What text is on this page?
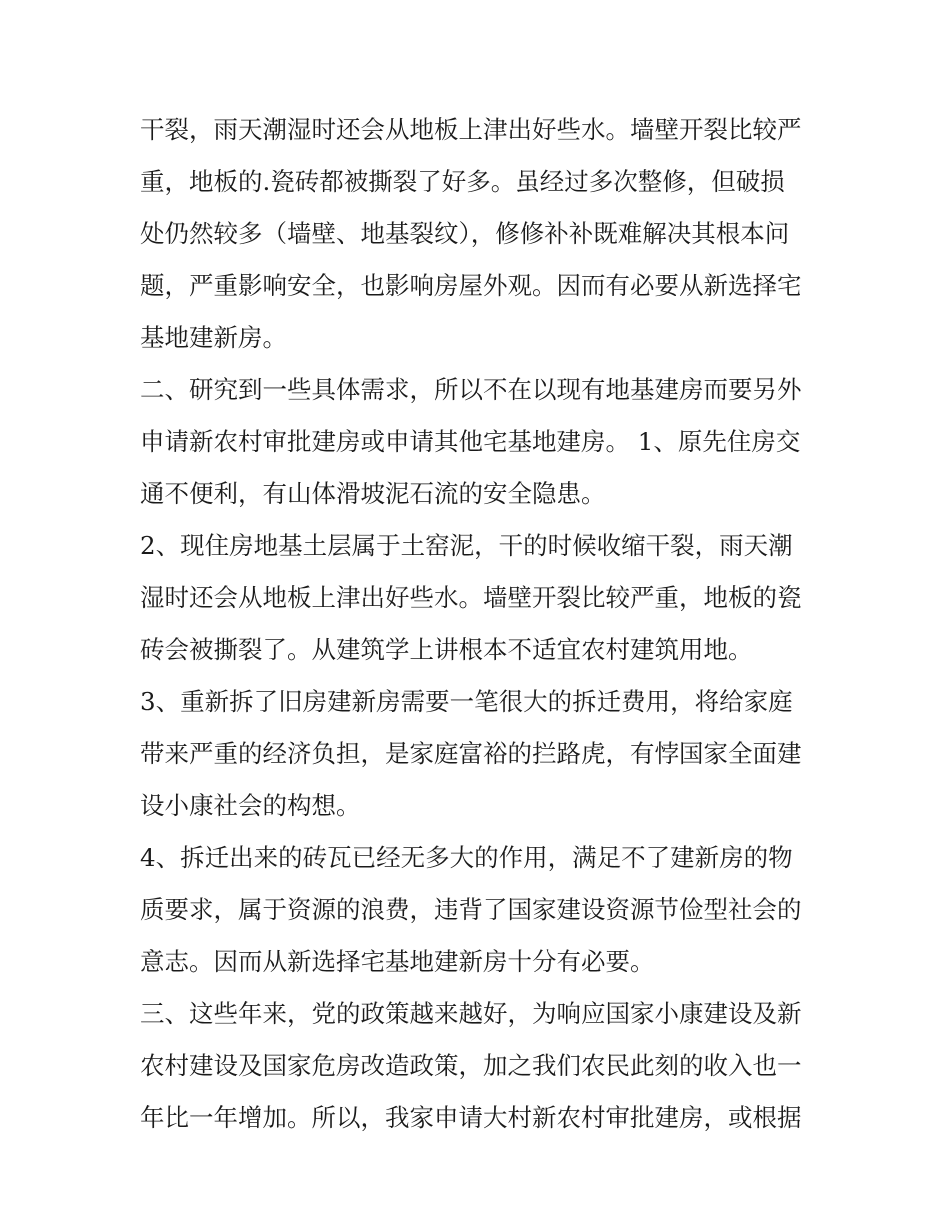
干裂，雨天潮湿时还会从地板上津出好些水。墙壁开裂比较严
重，地板的.瓷砖都被撕裂了好多。虽经过多次整修，但破损
处仍然较多（墙壁、地基裂纹），修修补补既难解决其根本问
题，严重影响安全，也影响房屋外观。因而有必要从新选择宅
基地建新房。
二、研究到一些具体需求，所以不在以现有地基建房而要另外
申请新农村审批建房或申请其他宅基地建房。 1、原先住房交
通不便利，有山体滑坡泥石流的安全隐患。
2、现住房地基土层属于土窑泥，干的时候收缩干裂，雨天潮
湿时还会从地板上津出好些水。墙壁开裂比较严重，地板的瓷
砖会被撕裂了。从建筑学上讲根本不适宜农村建筑用地。
3、重新拆了旧房建新房需要一笔很大的拆迁费用，将给家庭
带来严重的经济负担，是家庭富裕的拦路虎，有悖国家全面建
设小康社会的构想。
4、拆迁出来的砖瓦已经无多大的作用，满足不了建新房的物
质要求，属于资源的浪费，违背了国家建设资源节俭型社会的
意志。因而从新选择宅基地建新房十分有必要。
三、这些年来，党的政策越来越好，为响应国家小康建设及新
农村建设及国家危房改造政策，加之我们农民此刻的收入也一
年比一年增加。所以，我家申请大村新农村审批建房，或根据
